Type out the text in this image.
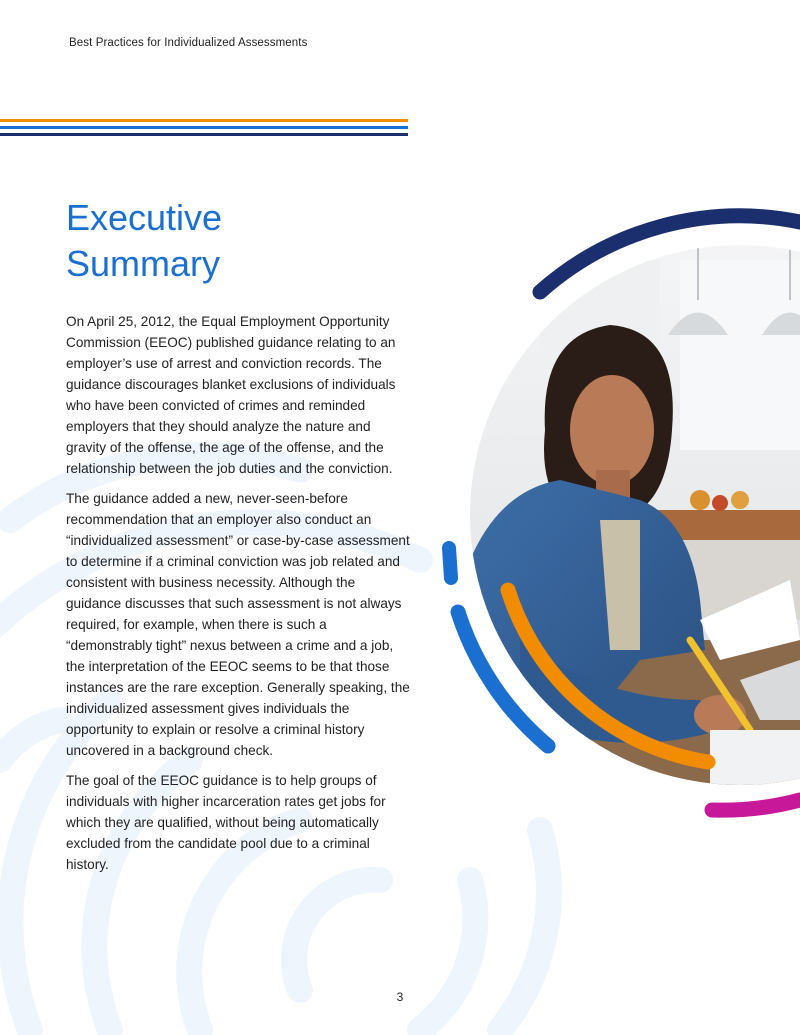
Best Practices for Individualized Assessments
Executive
Summary

On April 25, 2012, the Equal Employment Opportunity Commission (EEOC) published guidance relating to an employer’s use of arrest and conviction records. The guidance discourages blanket exclusions of individuals who have been convicted of crimes and reminded employers that they should analyze the nature and gravity of the offense, the age of the offense, and the relationship between the job duties and the conviction.

The guidance added a new, never-seen-before recommendation that an employer also conduct an “individualized assessment” or case-by-case assessment to determine if a criminal conviction was job related and consistent with business necessity. Although the guidance discusses that such assessment is not always required, for example, when there is such a “demonstrably tight” nexus between a crime and a job, the interpretation of the EEOC seems to be that those instances are the rare exception. Generally speaking, the individualized assessment gives individuals the opportunity to explain or resolve a criminal history uncovered in a background check.

The goal of the EEOC guidance is to help groups of individuals with higher incarceration rates get jobs for which they are qualified, without being automatically excluded from the candidate pool due to a criminal history.

3
